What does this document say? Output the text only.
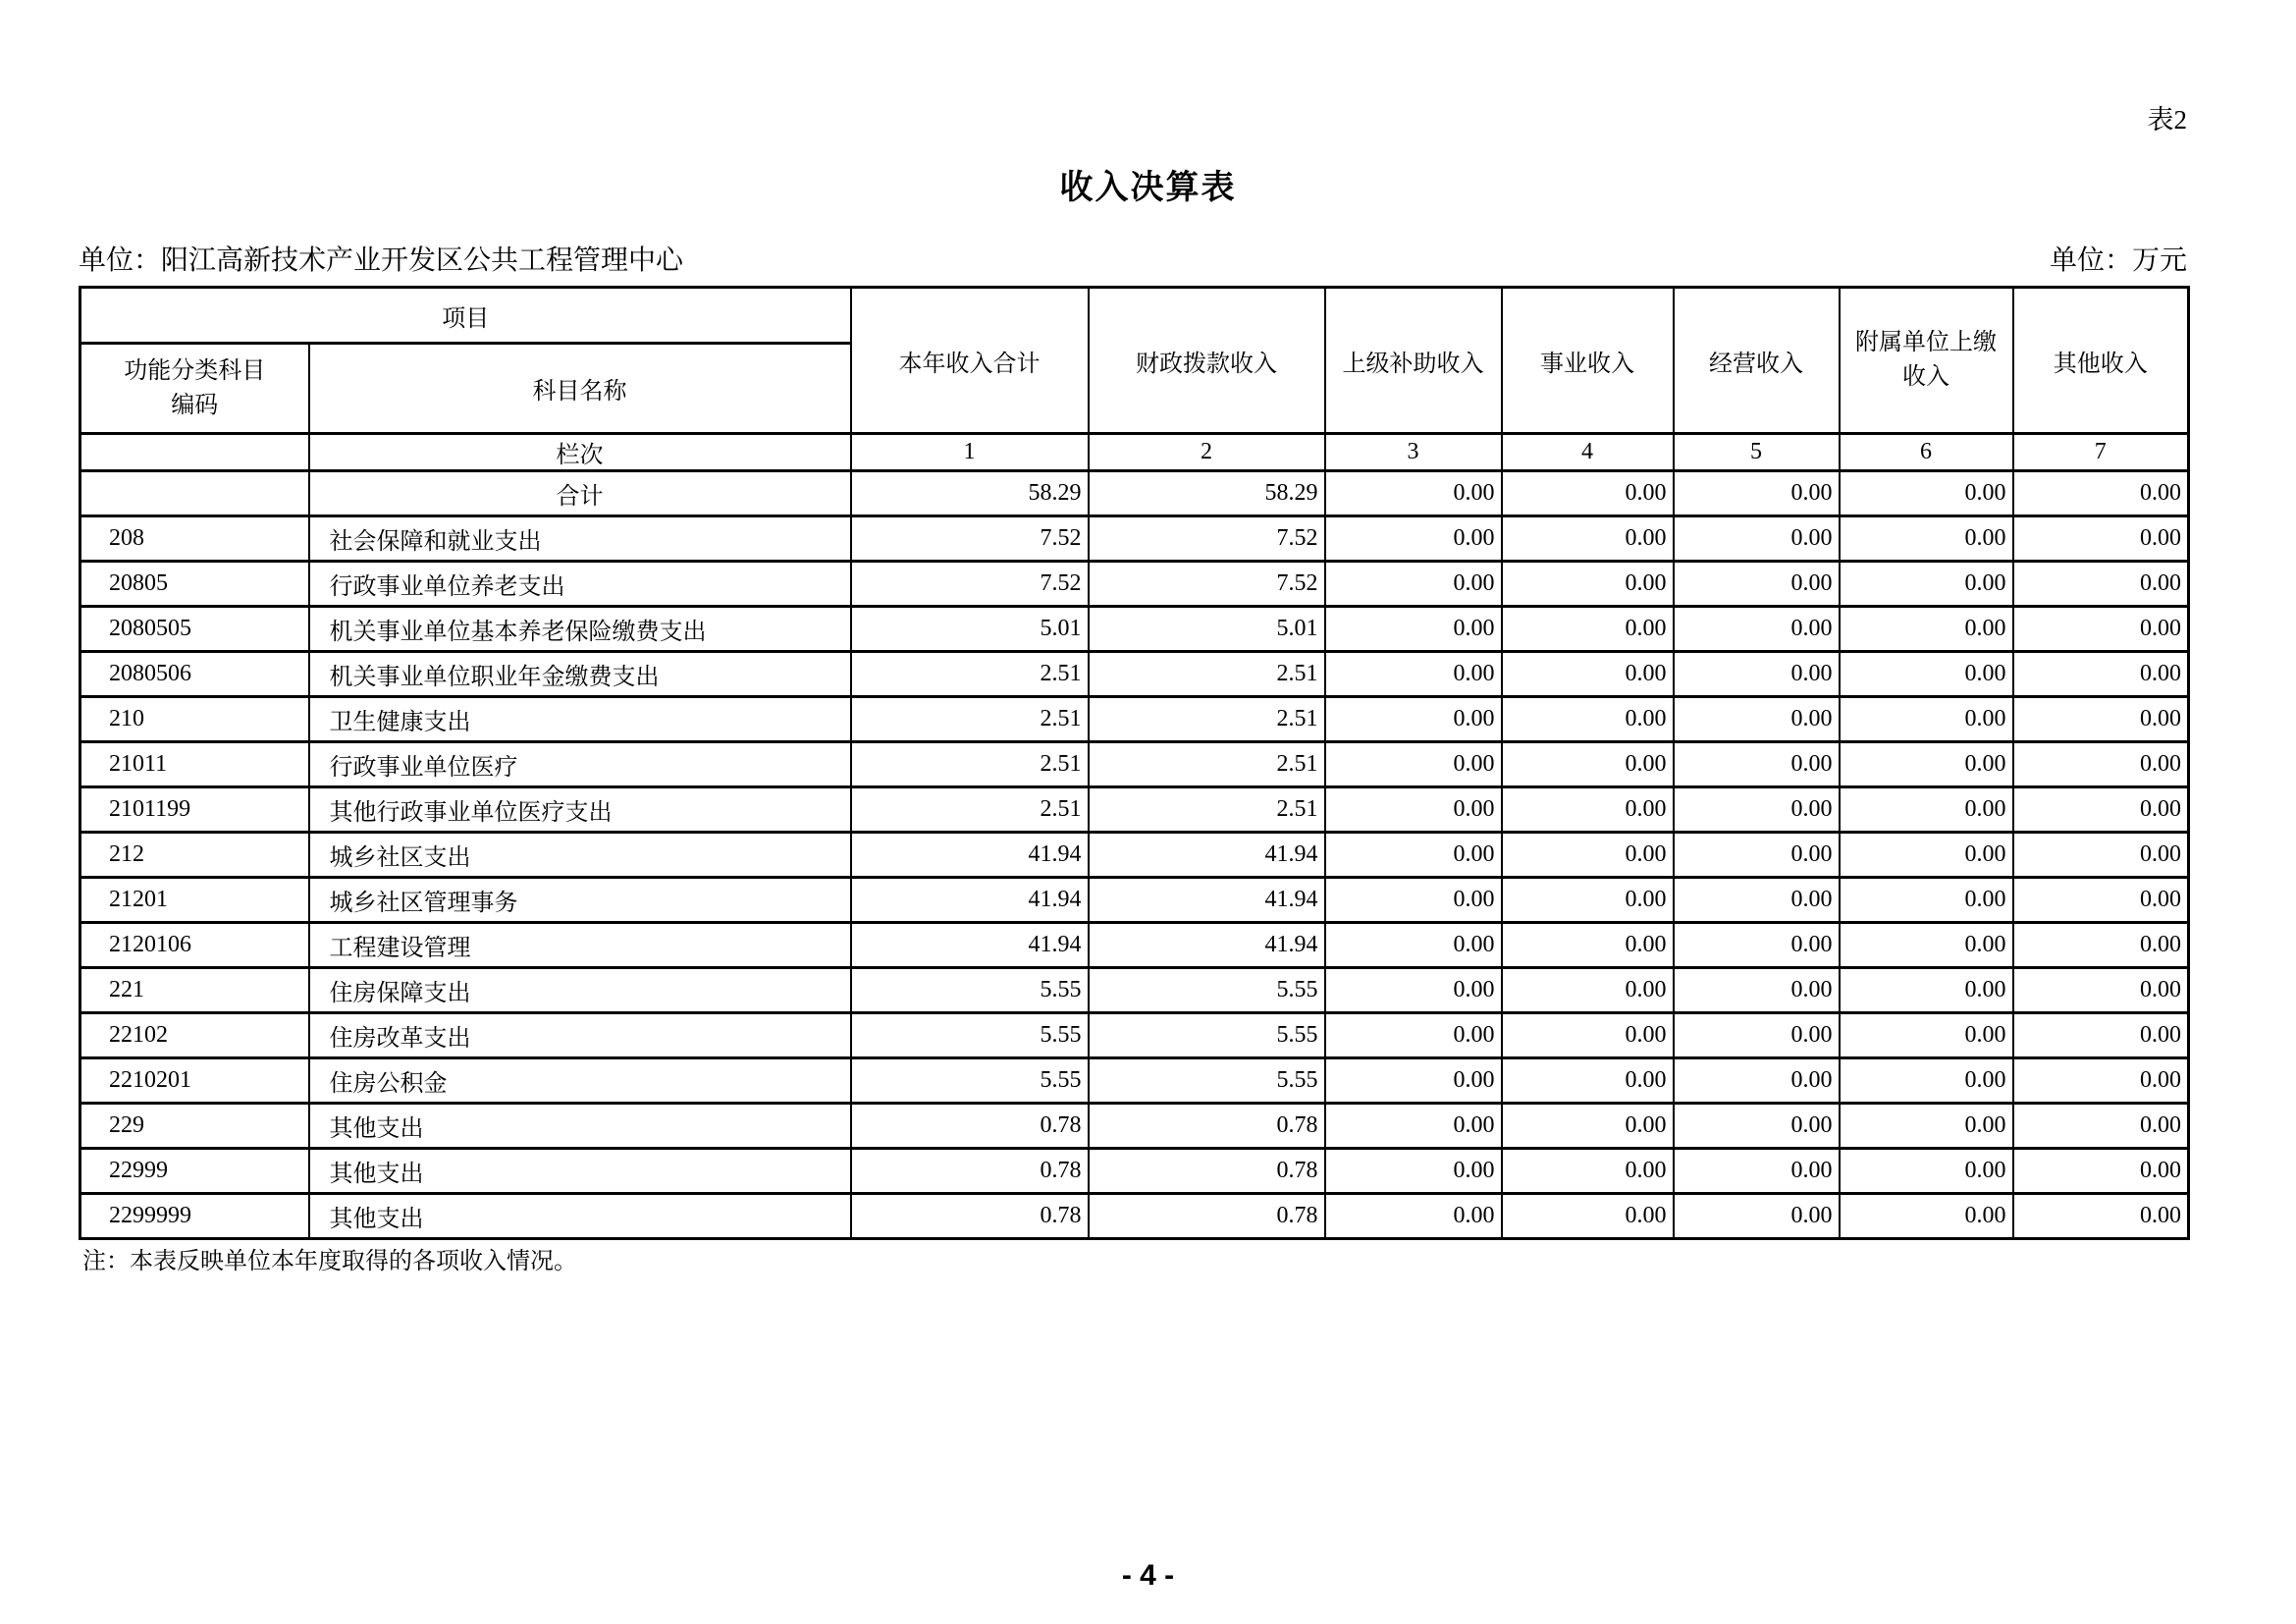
表2
收入决算表
单位：阳江高新技术产业开发区公共工程管理中心	单位：万元
项目		本年收入合计	财政拨款收入	上级补助收入	事业收入	经营收入	附属单位上缴收入	其他收入
功能分类科目编码	科目名称							
	栏次	1	2	3	4	5	6	7
	合计	58.29	58.29	0.00	0.00	0.00	0.00	0.00
208	社会保障和就业支出	7.52	7.52	0.00	0.00	0.00	0.00	0.00
20805	行政事业单位养老支出	7.52	7.52	0.00	0.00	0.00	0.00	0.00
2080505	机关事业单位基本养老保险缴费支出	5.01	5.01	0.00	0.00	0.00	0.00	0.00
2080506	机关事业单位职业年金缴费支出	2.51	2.51	0.00	0.00	0.00	0.00	0.00
210	卫生健康支出	2.51	2.51	0.00	0.00	0.00	0.00	0.00
21011	行政事业单位医疗	2.51	2.51	0.00	0.00	0.00	0.00	0.00
2101199	其他行政事业单位医疗支出	2.51	2.51	0.00	0.00	0.00	0.00	0.00
212	城乡社区支出	41.94	41.94	0.00	0.00	0.00	0.00	0.00
21201	城乡社区管理事务	41.94	41.94	0.00	0.00	0.00	0.00	0.00
2120106	工程建设管理	41.94	41.94	0.00	0.00	0.00	0.00	0.00
221	住房保障支出	5.55	5.55	0.00	0.00	0.00	0.00	0.00
22102	住房改革支出	5.55	5.55	0.00	0.00	0.00	0.00	0.00
2210201	住房公积金	5.55	5.55	0.00	0.00	0.00	0.00	0.00
229	其他支出	0.78	0.78	0.00	0.00	0.00	0.00	0.00
22999	其他支出	0.78	0.78	0.00	0.00	0.00	0.00	0.00
2299999	其他支出	0.78	0.78	0.00	0.00	0.00	0.00	0.00
注：本表反映单位本年度取得的各项收入情况。
- 4 -
